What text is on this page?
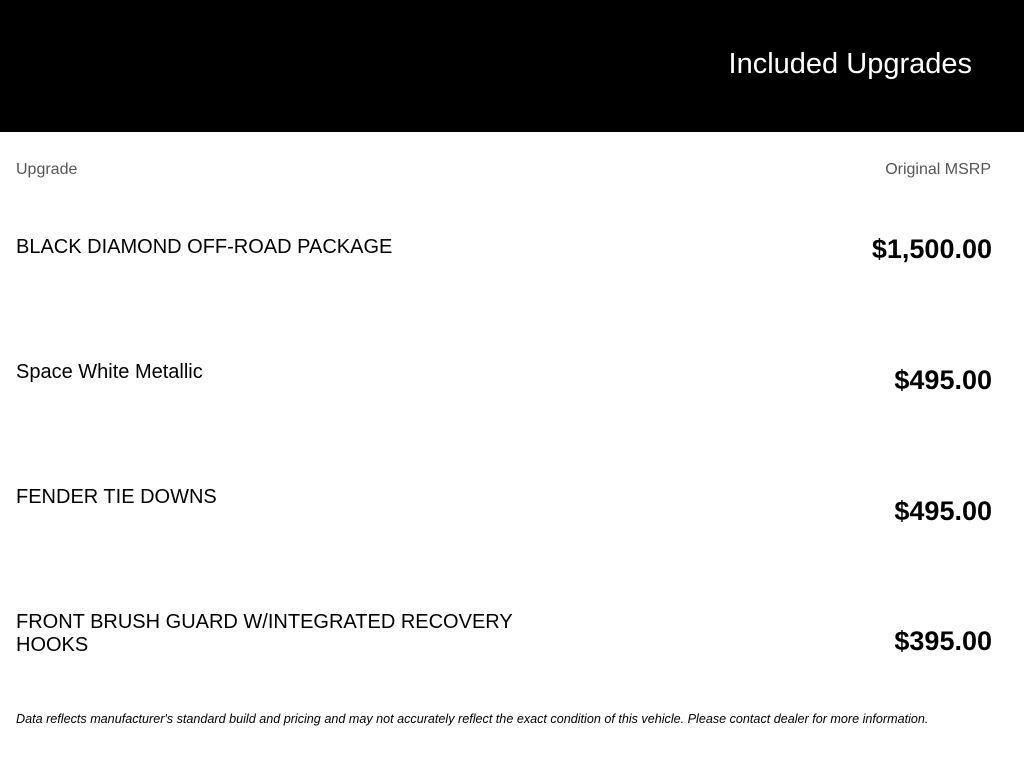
Included Upgrades
Upgrade	Original MSRP
BLACK DIAMOND OFF-ROAD PACKAGE	$1,500.00
Space White Metallic	$495.00
FENDER TIE DOWNS	$495.00
FRONT BRUSH GUARD W/INTEGRATED RECOVERY HOOKS	$395.00
Data reflects manufacturer's standard build and pricing and may not accurately reflect the exact condition of this vehicle. Please contact dealer for more information.
